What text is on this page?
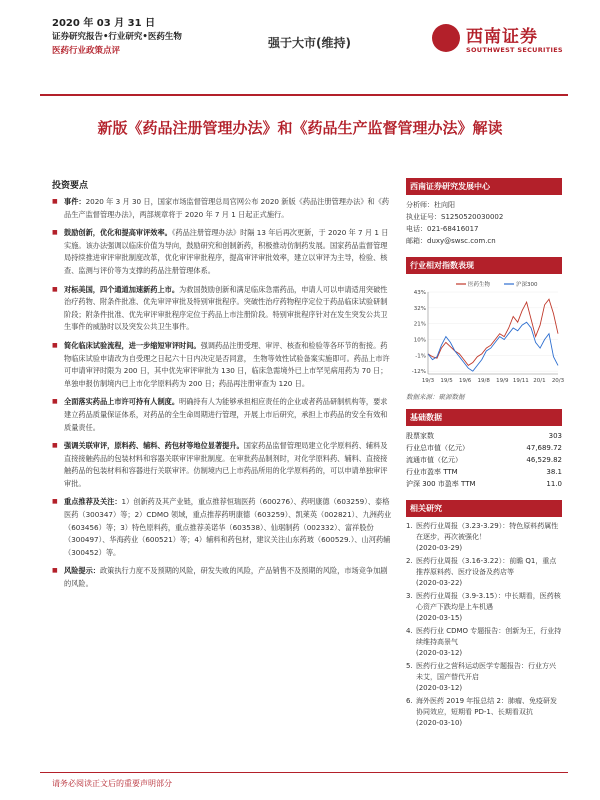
2020 年 03 月 31 日
证券研究报告•行业研究•医药生物
医药行业政策点评
强于大市(维持)	西南证券
SOUTHWEST SECURITIES
新版《药品注册管理办法》和《药品生产监督管理办法》解读
投资要点
■ 事件：2020 年 3 月 30 日，国家市场监督管理总局官网公布 2020 新版《药品注册管理办法》和《药品生产监督管理办法》，两部规章将于 2020 年 7 月 1 日起正式施行。
■ 鼓励创新，优化和提高审评效率。《药品注册管理办法》时隔 13 年后再次更新，于 2020 年 7 月 1 日实施。该办法强调以临床价值为导向，鼓励研究和创制新药，积极推动仿制药发展。国家药品监督管理局持续推进审评审批制度改革，优化审评审批程序，提高审评审批效率，建立以审评为主导，检验、核查、监测与评价等为支撑的药品注册管理体系。
■ 对标美国，四个通道加速新药上市。为救国鼓励创新和满足临床急需药品，申请人可以申请适用突破性治疗药物、附条件批准、优先审评审批及特别审批程序。突破性治疗药物程序定位于药品临床试验研制阶段；附条件批准、优先审评审批程序定位于药品上市注册阶段。特别审批程序针对在发生突发公共卫生事件的威胁时以及突发公共卫生事件。
■ 简化临床试验流程，进一步缩短审评时间。强调药品注册受理、审评、核查和检验等各环节的衔接。药物临床试验申请改为自受理之日起六十日内决定是否同意， 生物等效性试验备案实施即可。药品上市许可申请审评时限为 200 日，其中优先审评审批为 130 日，临床急需境外已上市罕见病用药为 70 日；单独申报仿制境内已上市化学原料药为 200 日；药品再注册审查为 120 日。
■ 全面落实药品上市许可持有人制度。明确持有人为能够承担相应责任的企业或者药品研制机构等，要求建立药品质量保证体系，对药品的全生命周期进行管理，开展上市后研究，承担上市药品的安全有效和质量责任。
■ 强调关联审评，原料药、辅料、药包材等地位显著提升。国家药品监督管理局建立化学原料药、辅料及直接接触药品的包装材料和容器关联审评审批制度。在审批药品制剂时，对化学原料药、辅料、直接接触药品的包装材料和容器进行关联审评。仿制境内已上市药品所用的化学原料药的，可以申请单独审评审批。
■ 重点推荐及关注：1）创新药及其产业链，重点推荐恒瑞医药（600276）、药明康德（603259）、泰格医药（300347）等；2）CDMO 领域，重点推荐药明康德（603259）、凯莱英（002821）、九洲药业（603456）等；3）特色原料药，重点推荐美诺华（603538）、仙琚制药（002332）、富祥股份（300497）、华海药业（600521）等；4）辅料和药包材，建议关注山东药玻（600529.）、山河药辅（300452）等。
■ 风险提示：政策执行力度不及预期的风险，研发失败的风险，产品销售不及预期的风险，市场竞争加剧的风险。
西南证券研究发展中心
分析师：杜向阳
执业证号：S1250520030002
电话：021-68416017
邮箱：duxy@swsc.com.cn
行业相对指数表现
43%
32%
21%
10%
-1%
-12%
19/3 19/5 19/6 19/8 19/9 19/11 20/1 20/3
医药生物	沪深300
数据来源：聚源数据
基础数据
股票家数	303
行业总市值（亿元）	47,689.72
流通市值（亿元）	46,529.82
行业市盈率 TTM	38.1
沪深 300 市盈率 TTM	11.0
相关研究
1. 医药行业周报（3.23-3.29）：特色原料药属性在逐步，再次被强化！
(2020-03-29)
2. 医药行业周报（3.16-3.22）：前瞻 Q1，重点推荐原料药、医疗设备及药店等
(2020-03-22)
3. 医药行业周报（3.9-3.15）：中长期看，医药核心资产下跌均是上车机遇
(2020-03-15)
4. 医药行业 CDMO 专题报告：创新为王，行业持续维持高景气
(2020-03-12)
5. 医药行业之营科运动医学专题报告：行业方兴未艾，国产替代开启
(2020-03-12)
6. 海外医药 2019 年报总结 2：肺瘤、免疫研发协同效应，短期看 PD-1、长期看双抗
(2020-03-10)
请务必阅读正文后的重要声明部分
